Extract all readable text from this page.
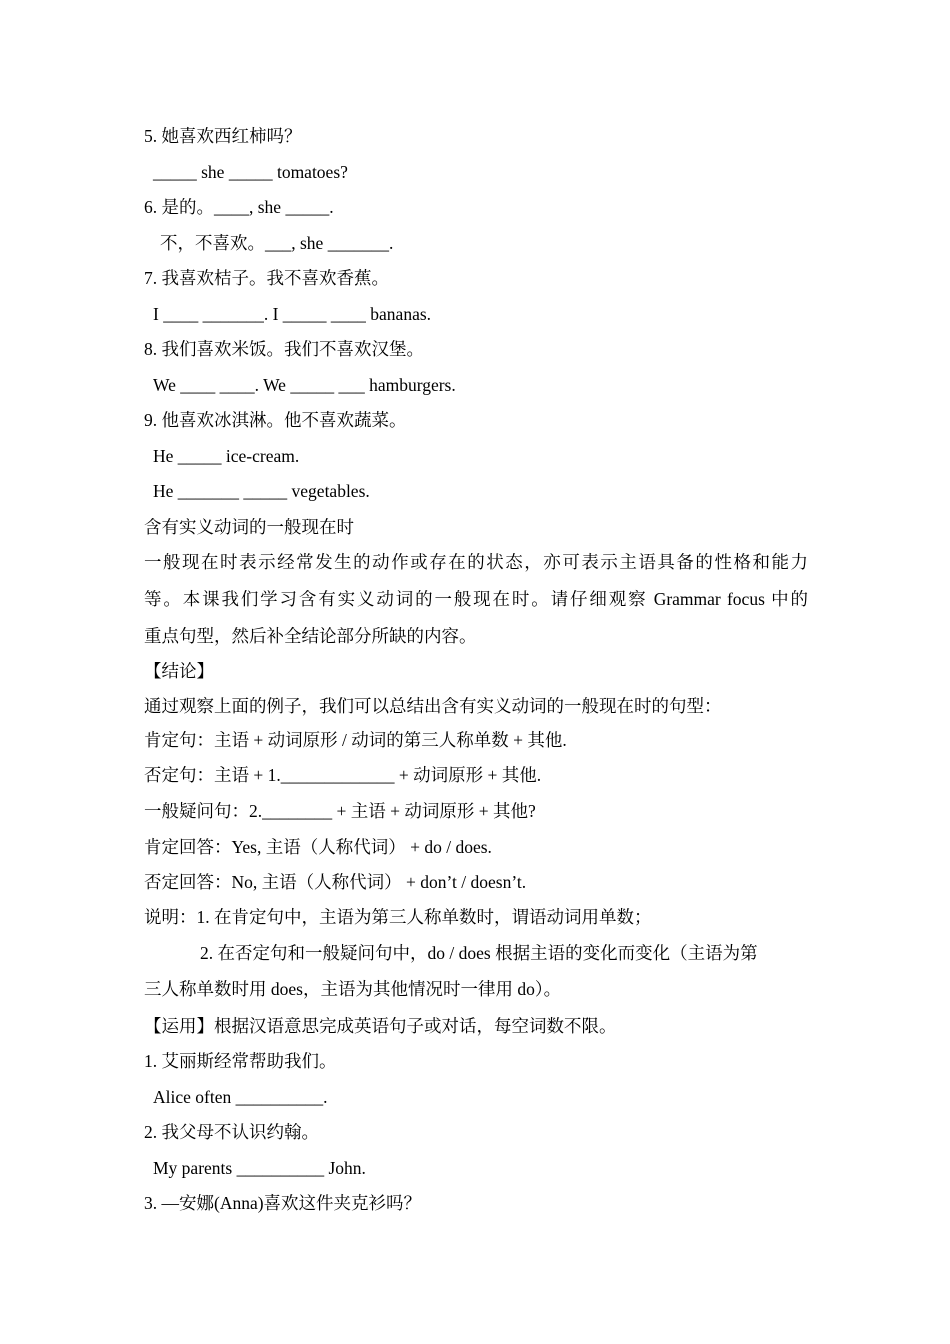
5. 她喜欢西红柿吗？
_____ she _____ tomatoes?
6. 是的。____, she _____.
不，不喜欢。___, she _______.
7. 我喜欢桔子。我不喜欢香蕉。
I ____ _______. I _____ ____ bananas.
8. 我们喜欢米饭。我们不喜欢汉堡。
We ____ ____. We _____ ___ hamburgers.
9. 他喜欢冰淇淋。他不喜欢蔬菜。
He _____ ice-cream.
He _______ _____ vegetables.
含有实义动词的一般现在时
一般现在时表示经常发生的动作或存在的状态，亦可表示主语具备的性格和能力
等。本课我们学习含有实义动词的一般现在时。请仔细观察 Grammar focus 中的
重点句型，然后补全结论部分所缺的内容。
【结论】
通过观察上面的例子，我们可以总结出含有实义动词的一般现在时的句型：
肯定句：主语 + 动词原形 / 动词的第三人称单数 + 其他.
否定句：主语 + 1._____________ + 动词原形 + 其他.
一般疑问句：2.________ + 主语 + 动词原形 + 其他?
肯定回答：Yes, 主语（人称代词） + do / does.
否定回答：No, 主语（人称代词） + don’t / doesn’t.
说明：1. 在肯定句中，主语为第三人称单数时，谓语动词用单数；
2. 在否定句和一般疑问句中，do / does 根据主语的变化而变化（主语为第
三人称单数时用 does，主语为其他情况时一律用 do）。
【运用】根据汉语意思完成英语句子或对话，每空词数不限。
1. 艾丽斯经常帮助我们。
Alice often __________.
2. 我父母不认识约翰。
My parents __________ John.
3. —安娜(Anna)喜欢这件夹克衫吗？
